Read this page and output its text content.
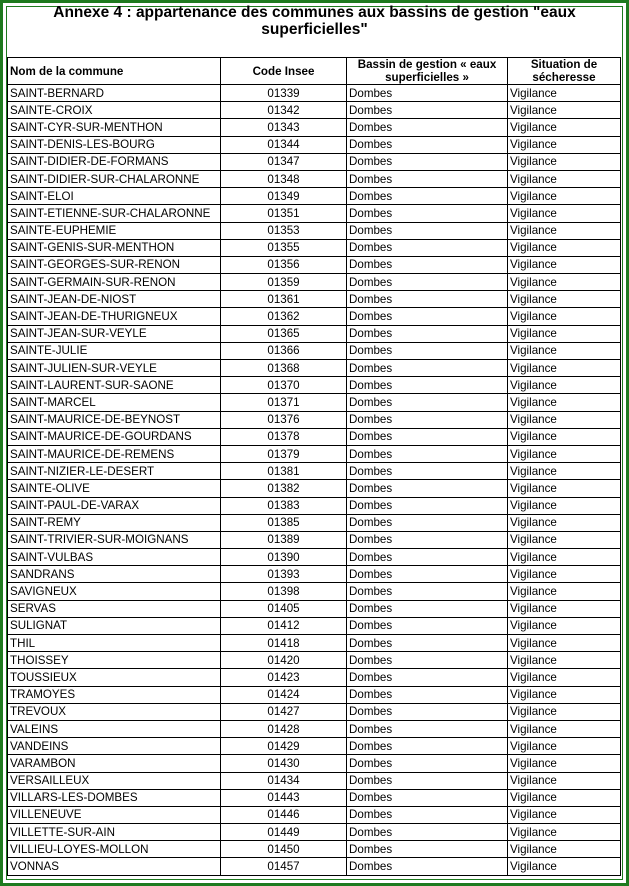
Annexe 4 : appartenance des communes aux bassins de gestion "eaux superficielles"
Nom de la commune	Code Insee	Bassin de gestion « eaux superficielles »	Situation de sécheresse
SAINT-BERNARD	01339	Dombes	Vigilance
SAINTE-CROIX	01342	Dombes	Vigilance
SAINT-CYR-SUR-MENTHON	01343	Dombes	Vigilance
SAINT-DENIS-LES-BOURG	01344	Dombes	Vigilance
SAINT-DIDIER-DE-FORMANS	01347	Dombes	Vigilance
SAINT-DIDIER-SUR-CHALARONNE	01348	Dombes	Vigilance
SAINT-ELOI	01349	Dombes	Vigilance
SAINT-ETIENNE-SUR-CHALARONNE	01351	Dombes	Vigilance
SAINTE-EUPHEMIE	01353	Dombes	Vigilance
SAINT-GENIS-SUR-MENTHON	01355	Dombes	Vigilance
SAINT-GEORGES-SUR-RENON	01356	Dombes	Vigilance
SAINT-GERMAIN-SUR-RENON	01359	Dombes	Vigilance
SAINT-JEAN-DE-NIOST	01361	Dombes	Vigilance
SAINT-JEAN-DE-THURIGNEUX	01362	Dombes	Vigilance
SAINT-JEAN-SUR-VEYLE	01365	Dombes	Vigilance
SAINTE-JULIE	01366	Dombes	Vigilance
SAINT-JULIEN-SUR-VEYLE	01368	Dombes	Vigilance
SAINT-LAURENT-SUR-SAONE	01370	Dombes	Vigilance
SAINT-MARCEL	01371	Dombes	Vigilance
SAINT-MAURICE-DE-BEYNOST	01376	Dombes	Vigilance
SAINT-MAURICE-DE-GOURDANS	01378	Dombes	Vigilance
SAINT-MAURICE-DE-REMENS	01379	Dombes	Vigilance
SAINT-NIZIER-LE-DESERT	01381	Dombes	Vigilance
SAINTE-OLIVE	01382	Dombes	Vigilance
SAINT-PAUL-DE-VARAX	01383	Dombes	Vigilance
SAINT-REMY	01385	Dombes	Vigilance
SAINT-TRIVIER-SUR-MOIGNANS	01389	Dombes	Vigilance
SAINT-VULBAS	01390	Dombes	Vigilance
SANDRANS	01393	Dombes	Vigilance
SAVIGNEUX	01398	Dombes	Vigilance
SERVAS	01405	Dombes	Vigilance
SULIGNAT	01412	Dombes	Vigilance
THIL	01418	Dombes	Vigilance
THOISSEY	01420	Dombes	Vigilance
TOUSSIEUX	01423	Dombes	Vigilance
TRAMOYES	01424	Dombes	Vigilance
TREVOUX	01427	Dombes	Vigilance
VALEINS	01428	Dombes	Vigilance
VANDEINS	01429	Dombes	Vigilance
VARAMBON	01430	Dombes	Vigilance
VERSAILLEUX	01434	Dombes	Vigilance
VILLARS-LES-DOMBES	01443	Dombes	Vigilance
VILLENEUVE	01446	Dombes	Vigilance
VILLETTE-SUR-AIN	01449	Dombes	Vigilance
VILLIEU-LOYES-MOLLON	01450	Dombes	Vigilance
VONNAS	01457	Dombes	Vigilance
